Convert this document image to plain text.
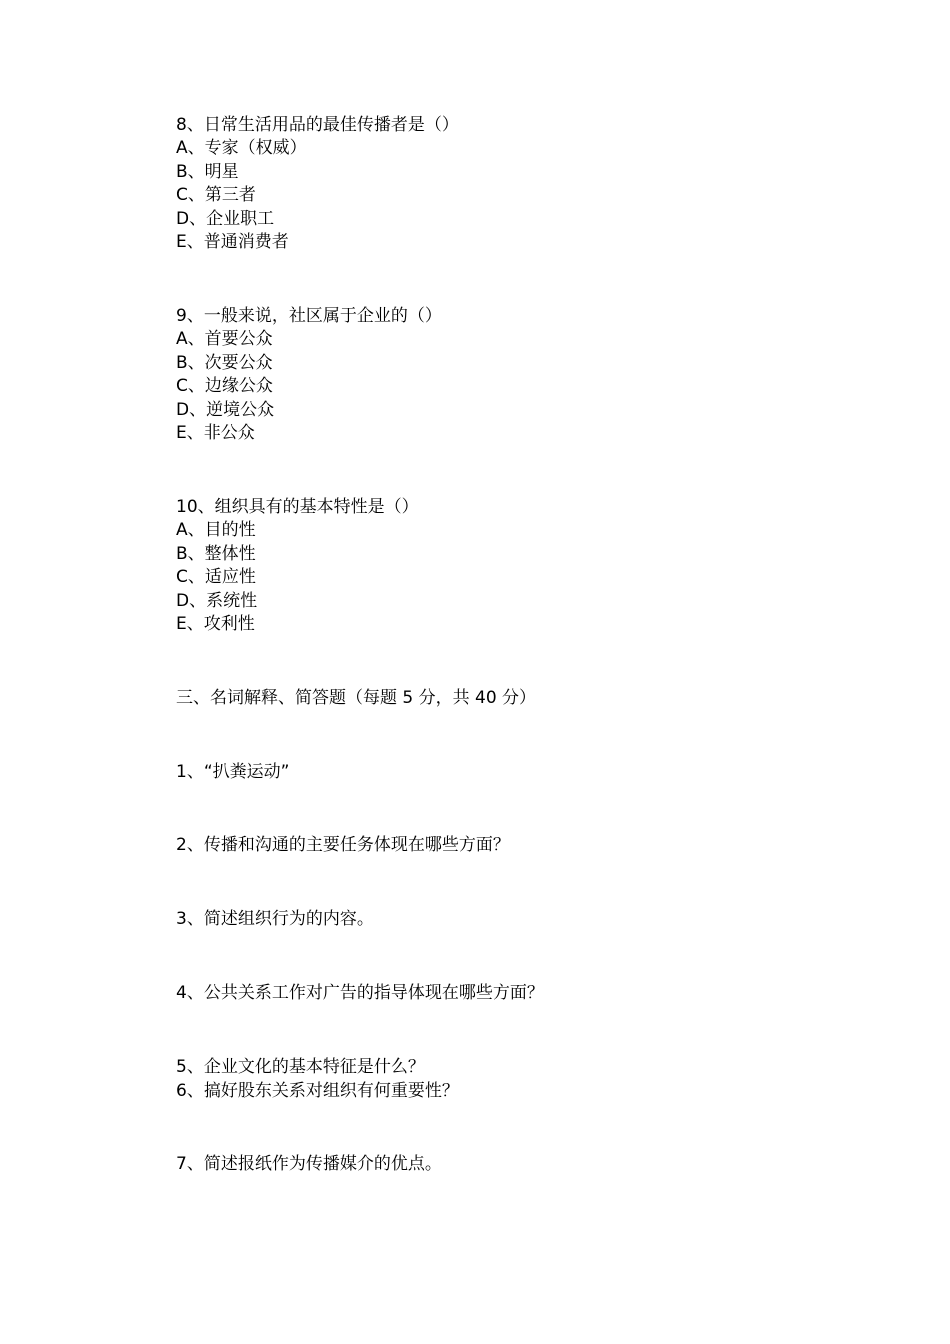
8、日常生活用品的最佳传播者是（）
A、专家（权威）
B、明星
C、第三者
D、企业职工
E、普通消费者
9、一般来说，社区属于企业的（）
A、首要公众
B、次要公众
C、边缘公众
D、逆境公众
E、非公众
10、组织具有的基本特性是（）
A、目的性
B、整体性
C、适应性
D、系统性
E、攻利性
三、名词解释、简答题（每题 5 分，共 40 分）
1、“扒粪运动”
2、传播和沟通的主要任务体现在哪些方面？
3、简述组织行为的内容。
4、公共关系工作对广告的指导体现在哪些方面？
5、企业文化的基本特征是什么？
6、搞好股东关系对组织有何重要性？
7、简述报纸作为传播媒介的优点。
